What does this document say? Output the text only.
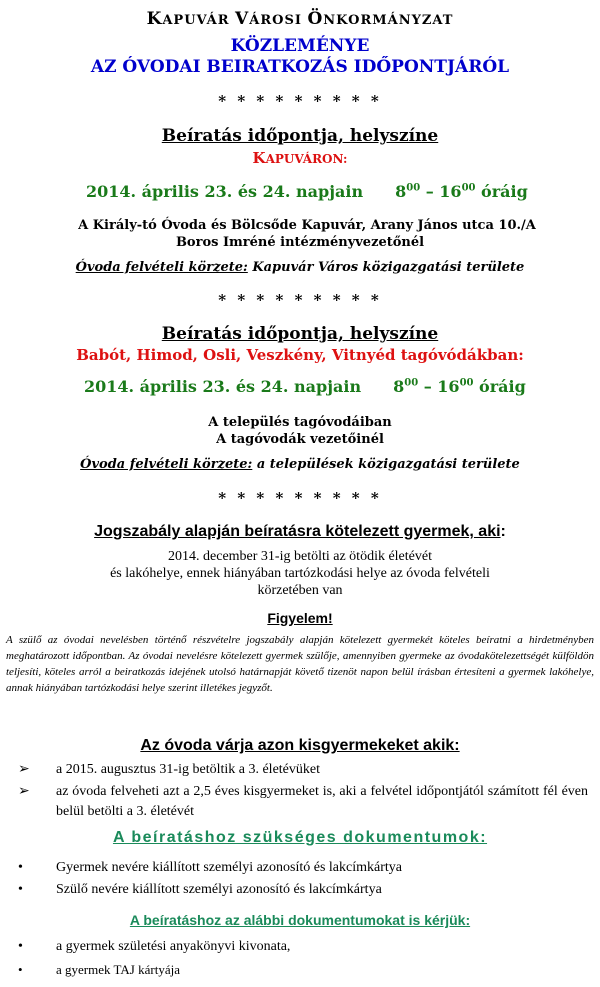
KAPUVÁR VÁROSI ÖNKORMÁNYZAT

KÖZLEMÉNYE

AZ ÓVODAI BEIRATKOZÁS IDŐPONTJÁRÓL

* * * * * * * * *

Beíratás időpontja, helyszíne

KAPUVÁRON:

2014. április 23. és 24. napjain $8^{00} - 16^{00}$ óráig

A Király-tó Óvoda és Bölcsőde Kapuvár, Arany János utca 10./A

Boros Imréné intézményvezetőnél

Óvoda felvételi körzete: Kapuvár Város közigazgatási területe

* * * * * * * * *

Beíratás időpontja, helyszíne

Babót, Himod, Osli, Veszkény, Vitnyéd tagóvódákban:

2014. április 23. és 24. napjain $8^{00} - 16^{00}$ óráig

A település tagóvodáiban

A tagóvodák vezetőinél

Óvoda felvételi körzete: a települések közigazgatási területe

* * * * * * * * *

Jogszabály alapján beíratásra kötelezett gyermek, aki:

2014. december 31-ig betölti az ötödik életévét

és lakóhelye, ennek hiányában tartózkodási helye az óvoda felvételi

körzetében van

Figyelem!

A szülő az óvodai nevelésben történő részvételre jogszabály alapján kötelezett gyermekét köteles beíratni a hirdetményben meghatározott időpontban. Az óvodai nevelésre kötelezett gyermek szülője, amennyiben gyermeke az óvodakötelezettségét külföldön teljesíti, köteles arról a beiratkozás idejének utolsó határnapját követő tizenöt napon belül írásban értesíteni a gyermek lakóhelye, annak hiányában tartózkodási helye szerint illetékes jegyzőt.

Az óvoda várja azon kisgyermekeket akik:

➢	a 2015. augusztus 31-ig betöltik a 3. életévüket
➢	az óvoda felveheti azt a 2,5 éves kisgyermeket is, aki a felvétel időpontjától számított fél éven belül betölti a 3. életévét

A beíratáshoz szükséges dokumentumok:

•	Gyermek nevére kiállított személyi azonosító és lakcímkártya
•	Szülő nevére kiállított személyi azonosító és lakcímkártya

A beíratáshoz az alábbi dokumentumokat is kérjük:

•	a gyermek születési anyakönyvi kivonata,
•	a gyermek TAJ kártyája
